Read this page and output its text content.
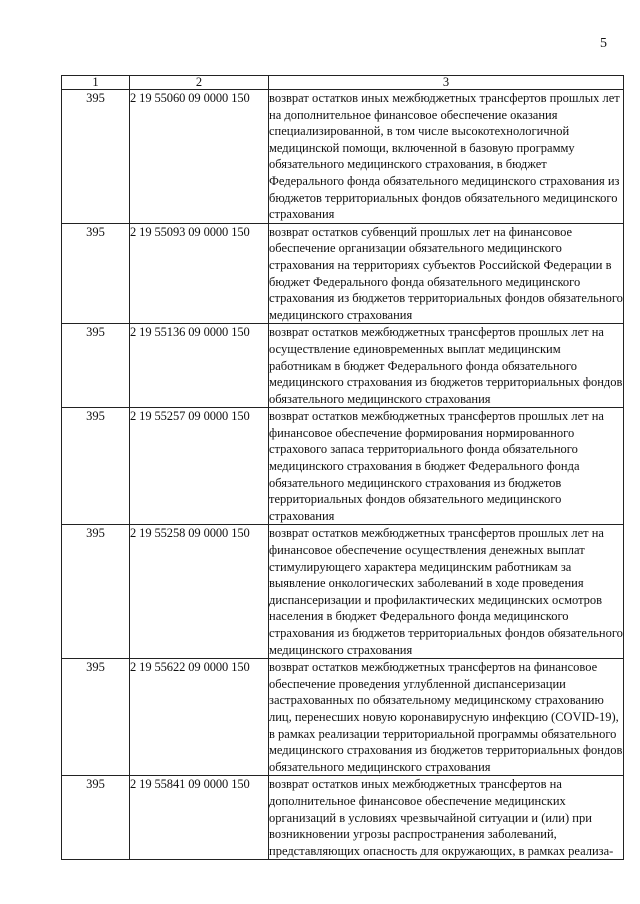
5
1	2	3
395	2 19 55060 09 0000 150	возврат остатков иных межбюджетных трансфертов прошлых лет на дополнительное финансовое обеспечение оказания специализированной, в том числе высокотехнологичной медицинской помощи, включенной в базовую программу обязательного медицинского страхования, в бюджет Федерального фонда обязательного медицинского страхования из бюджетов территориальных фондов обязательного медицинского страхования
395	2 19 55093 09 0000 150	возврат остатков субвенций прошлых лет на финансовое обеспечение организации обязательного медицинского страхования на территориях субъектов Российской Федерации в бюджет Федерального фонда обязательного медицинского страхования из бюджетов территориальных фондов обязательного медицинского страхования
395	2 19 55136 09 0000 150	возврат остатков межбюджетных трансфертов прошлых лет на осуществление единовременных выплат медицинским работникам в бюджет Федерального фонда обязательного медицинского страхования из бюджетов территориальных фондов обязательного медицинского страхования
395	2 19 55257 09 0000 150	возврат остатков межбюджетных трансфертов прошлых лет на финансовое обеспечение формирования нормированного страхового запаса территориального фонда обязательного медицинского страхования в бюджет Федерального фонда обязательного медицинского страхования из бюджетов территориальных фондов обязательного медицинского страхования
395	2 19 55258 09 0000 150	возврат остатков межбюджетных трансфертов прошлых лет на финансовое обеспечение осуществления денежных выплат стимулирующего характера медицинским работникам за выявление онкологических заболеваний в ходе проведения диспансеризации и профилактических медицинских осмотров населения в бюджет Федерального фонда медицинского страхования из бюджетов территориальных фондов обязательного медицинского страхования
395	2 19 55622 09 0000 150	возврат остатков межбюджетных трансфертов на финансовое обеспечение проведения углубленной диспансеризации застрахованных по обязательному медицинскому страхованию лиц, перенесших новую коронавирусную инфекцию (COVID-19), в рамках реализации территориальной программы обязательного медицинского страхования из бюджетов территориальных фондов обязательного медицинского страхования
395	2 19 55841 09 0000 150	возврат остатков иных межбюджетных трансфертов на дополнительное финансовое обеспечение медицинских организаций в условиях чрезвычайной ситуации и (или) при возникновении угрозы распространения заболеваний, представляющих опасность для окружающих, в рамках реализа-
